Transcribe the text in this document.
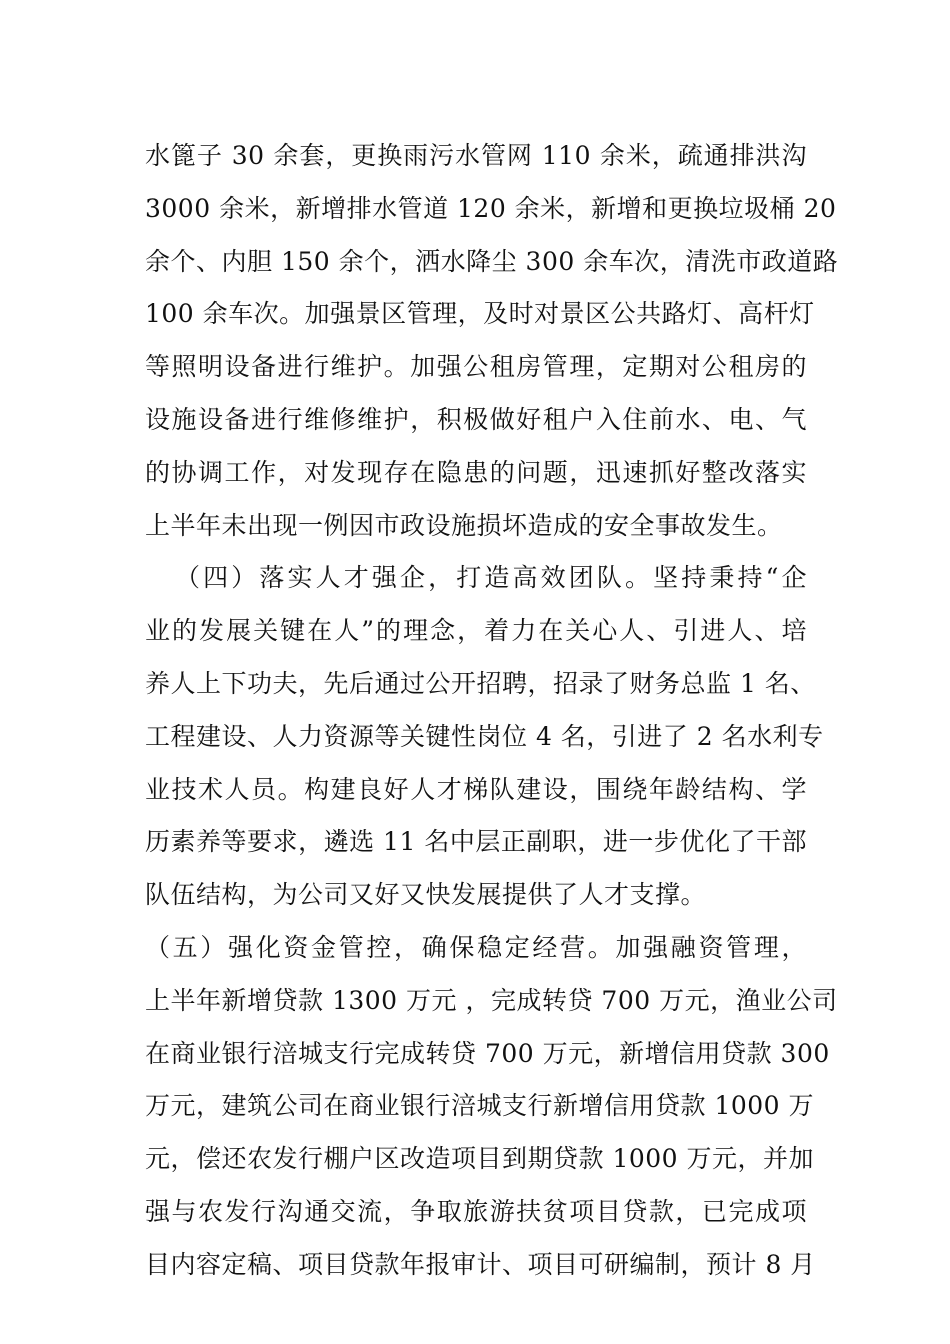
水篦子 30 余套，更换雨污水管网 110 余米，疏通排洪沟
3000 余米，新增排水管道 120 余米，新增和更换垃圾桶 20
余个、内胆 150 余个，洒水降尘 300 余车次，清洗市政道路
100 余车次。加强景区管理，及时对景区公共路灯、高杆灯
等照明设备进行维护。加强公租房管理，定期对公租房的
设施设备进行维修维护，积极做好租户入住前水、电、气
的协调工作，对发现存在隐患的问题，迅速抓好整改落实
上半年未出现一例因市政设施损坏造成的安全事故发生。
（四）落实人才强企，打造高效团队。坚持秉持“企
业的发展关键在人”的理念，着力在关心人、引进人、培
养人上下功夫，先后通过公开招聘，招录了财务总监 1 名、
工程建设、人力资源等关键性岗位 4 名，引进了 2 名水利专
业技术人员。构建良好人才梯队建设，围绕年龄结构、学
历素养等要求，遴选 11 名中层正副职，进一步优化了干部
队伍结构，为公司又好又快发展提供了人才支撑。
（五）强化资金管控，确保稳定经营。加强融资管理，
上半年新增贷款 1300 万元 ，完成转贷 700 万元，渔业公司
在商业银行涪城支行完成转贷 700 万元，新增信用贷款 300
万元，建筑公司在商业银行涪城支行新增信用贷款 1000 万
元，偿还农发行棚户区改造项目到期贷款 1000 万元，并加
强与农发行沟通交流，争取旅游扶贫项目贷款，已完成项
目内容定稿、项目贷款年报审计、项目可研编制，预计 8 月
